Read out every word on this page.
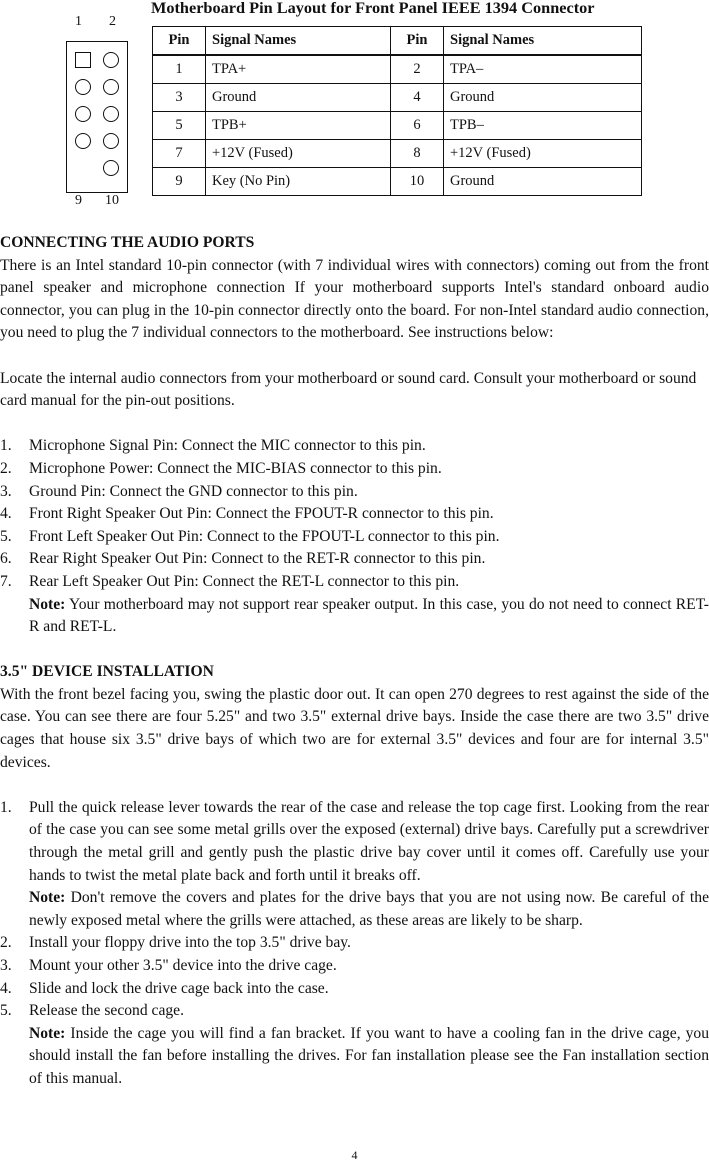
1 2
9 10
Motherboard Pin Layout for Front Panel IEEE 1394 Connector
Pin	Signal Names	Pin	Signal Names
1	TPA+	2	TPA–
3	Ground	4	Ground
5	TPB+	6	TPB–
7	+12V (Fused)	8	+12V (Fused)
9	Key (No Pin)	10	Ground
CONNECTING THE AUDIO PORTS

There is an Intel standard 10-pin connector (with 7 individual wires with connectors) coming out from the front panel speaker and microphone connection If your motherboard supports Intel's standard onboard audio connector, you can plug in the 10-pin connector directly onto the board. For non-Intel standard audio connection, you need to plug the 7 individual connectors to the motherboard. See instructions below:

Locate the internal audio connectors from your motherboard or sound card. Consult your motherboard or sound card manual for the pin-out positions.

1. Microphone Signal Pin: Connect the MIC connector to this pin.
2. Microphone Power: Connect the MIC-BIAS connector to this pin.
3. Ground Pin: Connect the GND connector to this pin.
4. Front Right Speaker Out Pin: Connect the FPOUT-R connector to this pin.
5. Front Left Speaker Out Pin: Connect to the FPOUT-L connector to this pin.
6. Rear Right Speaker Out Pin: Connect to the RET-R connector to this pin.
7. Rear Left Speaker Out Pin: Connect the RET-L connector to this pin.
Note: Your motherboard may not support rear speaker output. In this case, you do not need to connect RET-R and RET-L.
3.5" DEVICE INSTALLATION

With the front bezel facing you, swing the plastic door out. It can open 270 degrees to rest against the side of the case. You can see there are four 5.25" and two 3.5" external drive bays. Inside the case there are two 3.5" drive cages that house six 3.5" drive bays of which two are for external 3.5" devices and four are for internal 3.5" devices.

1. Pull the quick release lever towards the rear of the case and release the top cage first. Looking from the rear of the case you can see some metal grills over the exposed (external) drive bays. Carefully put a screwdriver through the metal grill and gently push the plastic drive bay cover until it comes off. Carefully use your hands to twist the metal plate back and forth until it breaks off.
Note: Don't remove the covers and plates for the drive bays that you are not using now. Be careful of the newly exposed metal where the grills were attached, as these areas are likely to be sharp.
2. Install your floppy drive into the top 3.5" drive bay.
3. Mount your other 3.5" device into the drive cage.
4. Slide and lock the drive cage back into the case.
5. Release the second cage.
Note: Inside the cage you will find a fan bracket. If you want to have a cooling fan in the drive cage, you should install the fan before installing the drives. For fan installation please see the Fan installation section of this manual.
4
